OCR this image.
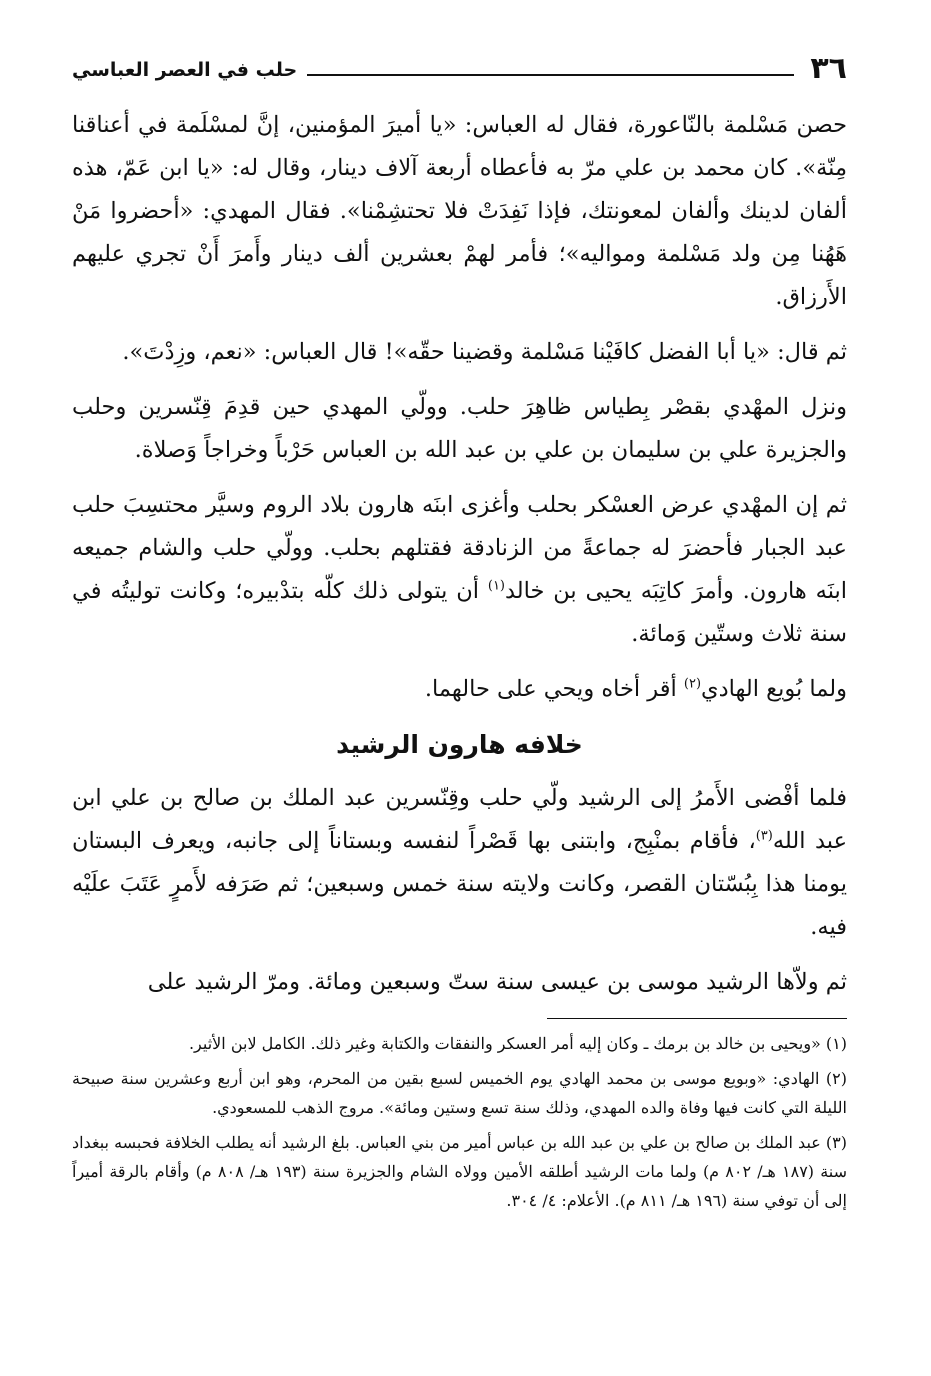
٣٦
حلب في العصر العباسي

حصن مَسْلمة بالنّاعورة، فقال له العباس: «يا أميرَ المؤمنين، إنَّ لمسْلَمة في أعناقنا مِنّة». كان محمد بن علي مرّ به فأعطاه أربعة آلاف دينار، وقال له: «يا ابن عَمّ، هذه ألفان لدينك وألفان لمعونتك، فإذا نَفِدَتْ فلا تحتشِمْنا». فقال المهدي: «أحضروا مَنْ هَهُنا مِن ولد مَسْلمة ومواليه»؛ فأمر لهمْ بعشرين ألف دينار وأَمرَ أَنْ تجري عليهم الأَرزاق.

ثم قال: «يا أبا الفضل كافَيْنا مَسْلمة وقضينا حقّه»! قال العباس: «نعم، وزِدْتَ».

ونزل المهْدي بقصْر بِطياس ظاهِرَ حلب. وولّي المهدي حين قدِمَ قِنّسرين وحلب والجزيرة علي بن سليمان بن علي بن عبد الله بن العباس حَرْباً وخراجاً وَصلاة.

ثم إن المهْدي عرض العسْكر بحلب وأغزى ابنَه هارون بلاد الروم وسيَّر محتسِبَ حلب عبد الجبار فأحضرَ له جماعةً من الزنادقة فقتلهم بحلب. وولّي حلب والشام جميعه ابنَه هارون. وأمرَ كاتِبَه يحيى بن خالد$^{(١)}$ أن يتولى ذلك كلّه بتدْبيره؛ وكانت توليتُه في سنة ثلاث وستّين وَمائة.

ولما بُويع الهادي$^{(٢)}$ أقر أخاه ويحي على حالهما.

خلافه هارون الرشيد

فلما أفْضى الأَمرُ إلى الرشيد ولّي حلب وقِنّسرين عبد الملك بن صالح بن علي ابن عبد الله$^{(٣)}$، فأقام بمنْبِج، وابتنى بها قَصْراً لنفسه وبستاناً إلى جانبه، ويعرف البستان يومنا هذا بِبُسّتان القصر، وكانت ولايته سنة خمس وسبعين؛ ثم صَرَفه لأَمرٍ عَتَبَ علَيْه فيه.

ثم ولاّها الرشيد موسى بن عيسى سنة ستّ وسبعين ومائة. ومرّ الرشيد على

(١) «ويحيى بن خالد بن برمك ـ وكان إليه أمر العسكر والنفقات والكتابة وغير ذلك. الكامل لابن الأثير.

(٢) الهادي: «وبويع موسى بن محمد الهادي يوم الخميس لسبع بقين من المحرم، وهو ابن أربع وعشرين سنة صبيحة الليلة التي كانت فيها وفاة والده المهدي، وذلك سنة تسع وستين ومائة». مروج الذهب للمسعودي.

(٣) عبد الملك بن صالح بن علي بن عبد الله بن عباس أمير من بني العباس. بلغ الرشيد أنه يطلب الخلافة فحبسه ببغداد سنة (١٨٧ هـ/ ٨٠٢ م) ولما مات الرشيد أطلقه الأمين وولاه الشام والجزيرة سنة (١٩٣ هـ/ ٨٠٨ م) وأقام بالرقة أميراً إلى أن توفي سنة (١٩٦ هـ/ ٨١١ م). الأعلام: ٤/ ٣٠٤.
